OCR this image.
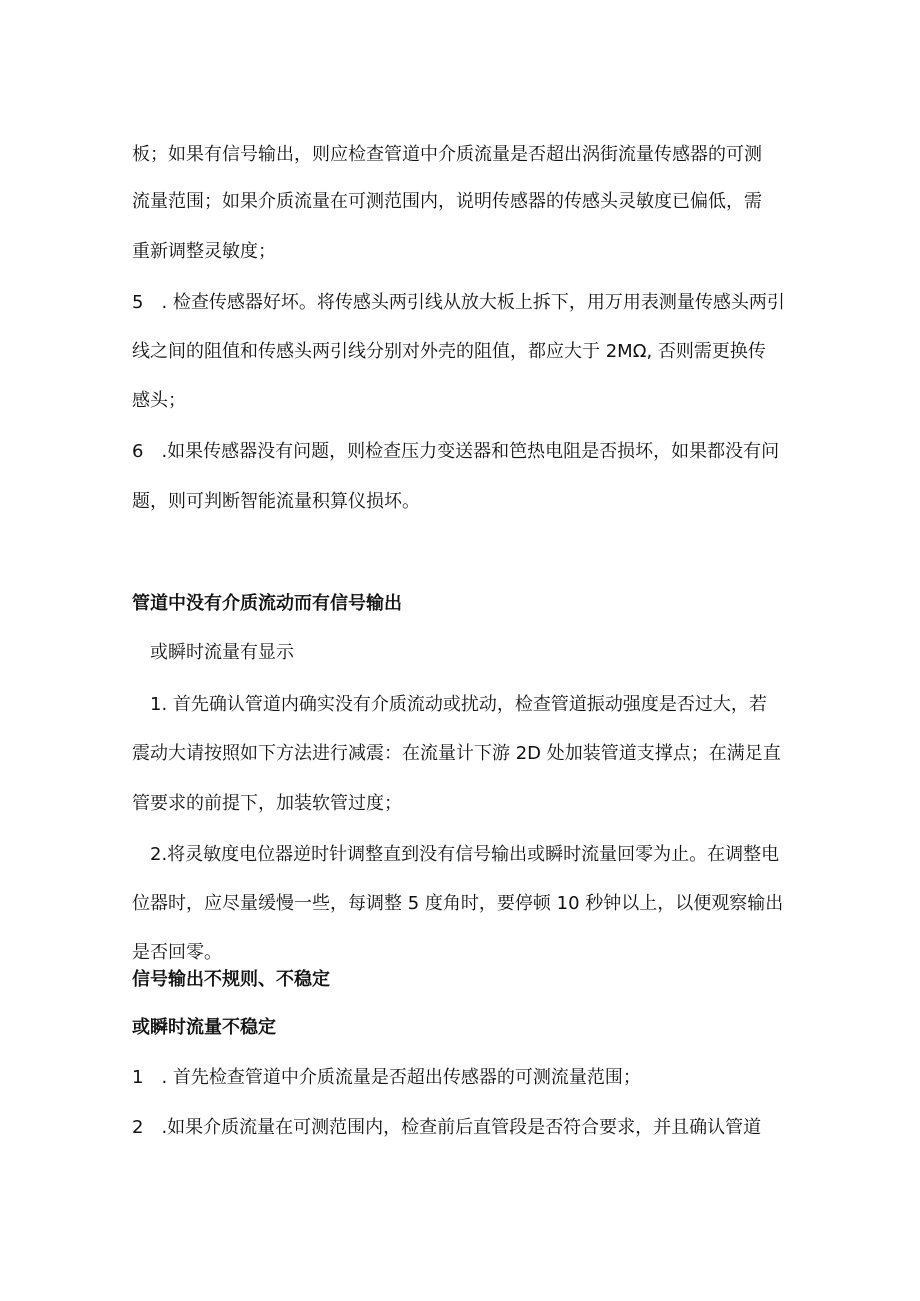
板；如果有信号输出，则应检查管道中介质流量是否超出涡街流量传感器的可测
流量范围；如果介质流量在可测范围内，说明传感器的传感头灵敏度已偏低，需
重新调整灵敏度；
5　. 检查传感器好坏。将传感头两引线从放大板上拆下，用万用表测量传感头两引
线之间的阻值和传感头两引线分别对外壳的阻值，都应大于 2MΩ, 否则需更换传
感头；
6　.如果传感器没有问题，则检查压力变送器和笆热电阻是否损坏，如果都没有问
题，则可判断智能流量积算仪损坏。
管道中没有介质流动而有信号输出
或瞬时流量有显示
1. 首先确认管道内确实没有介质流动或扰动，检查管道振动强度是否过大，若
震动大请按照如下方法进行减震：在流量计下游 2D 处加装管道支撑点；在满足直
管要求的前提下，加装软管过度；
2.将灵敏度电位器逆时针调整直到没有信号输出或瞬时流量回零为止。在调整电
位器时，应尽量缓慢一些，每调整 5 度角时，要停顿 10 秒钟以上，以便观察输出
是否回零。
信号输出不规则、不稳定
或瞬时流量不稳定
1　. 首先检查管道中介质流量是否超出传感器的可测流量范围；
2　.如果介质流量在可测范围内，检查前后直管段是否符合要求，并且确认管道
